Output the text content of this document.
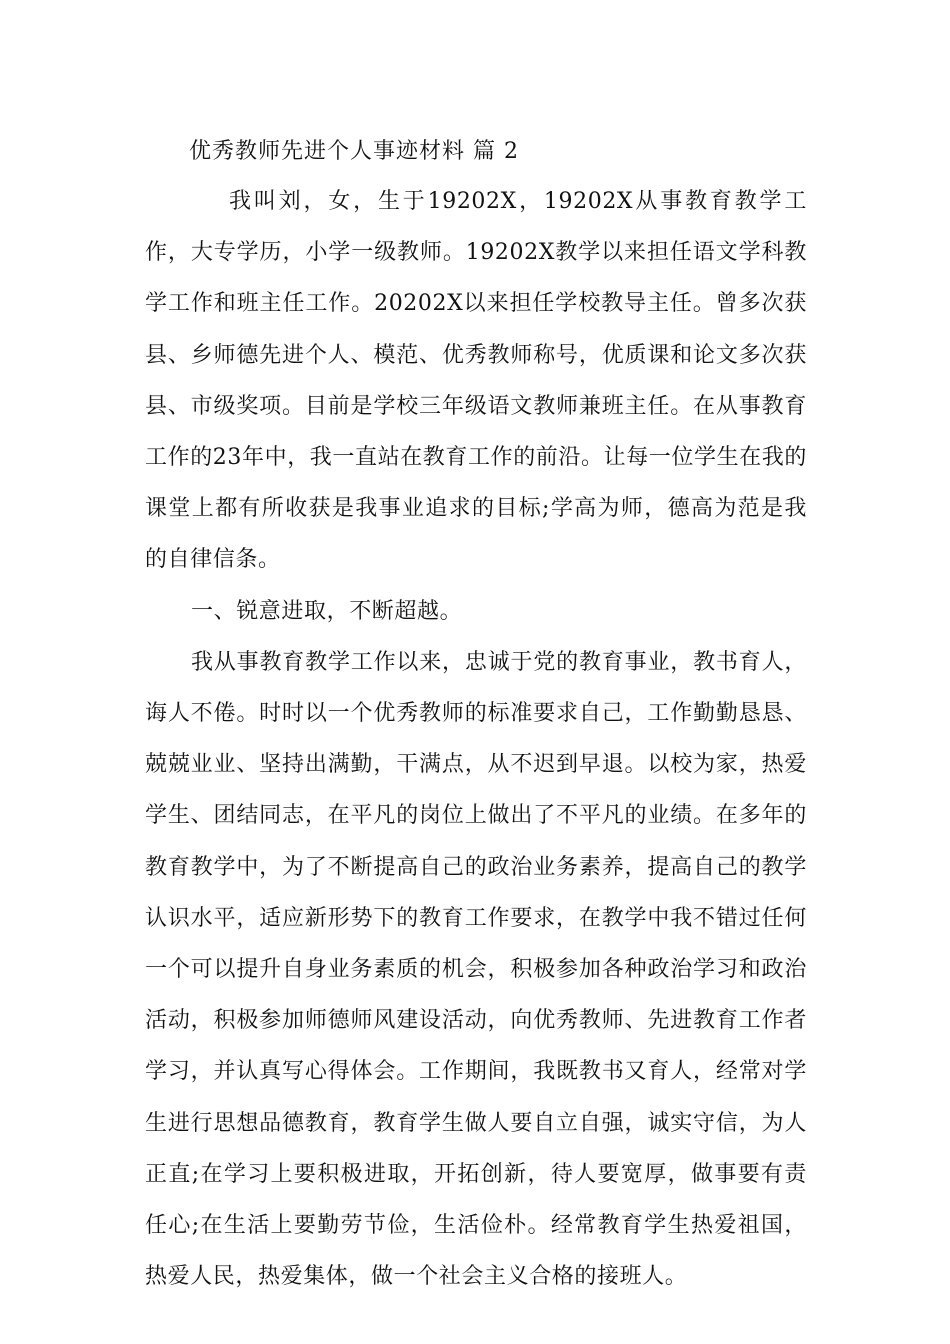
优秀教师先进个人事迹材料 篇 2

我叫刘，女，生于19202X，19202X从事教育教学工作，大专学历，小学一级教师。19202X教学以来担任语文学科教学工作和班主任工作。20202X以来担任学校教导主任。曾多次获县、乡师德先进个人、模范、优秀教师称号，优质课和论文多次获县、市级奖项。目前是学校三年级语文教师兼班主任。在从事教育工作的23年中，我一直站在教育工作的前沿。让每一位学生在我的课堂上都有所收获是我事业追求的目标;学高为师，德高为范是我的自律信条。

一、锐意进取，不断超越。

我从事教育教学工作以来，忠诚于党的教育事业，教书育人，诲人不倦。时时以一个优秀教师的标准要求自己，工作勤勤恳恳、兢兢业业、坚持出满勤，干满点，从不迟到早退。以校为家，热爱学生、团结同志，在平凡的岗位上做出了不平凡的业绩。在多年的教育教学中，为了不断提高自己的政治业务素养，提高自己的教学认识水平，适应新形势下的教育工作要求，在教学中我不错过任何一个可以提升自身业务素质的机会，积极参加各种政治学习和政治活动，积极参加师德师风建设活动，向优秀教师、先进教育工作者学习，并认真写心得体会。工作期间，我既教书又育人，经常对学生进行思想品德教育，教育学生做人要自立自强，诚实守信，为人正直;在学习上要积极进取，开拓创新，待人要宽厚，做事要有责任心;在生活上要勤劳节俭，生活俭朴。经常教育学生热爱祖国，热爱人民，热爱集体，做一个社会主义合格的接班人。
